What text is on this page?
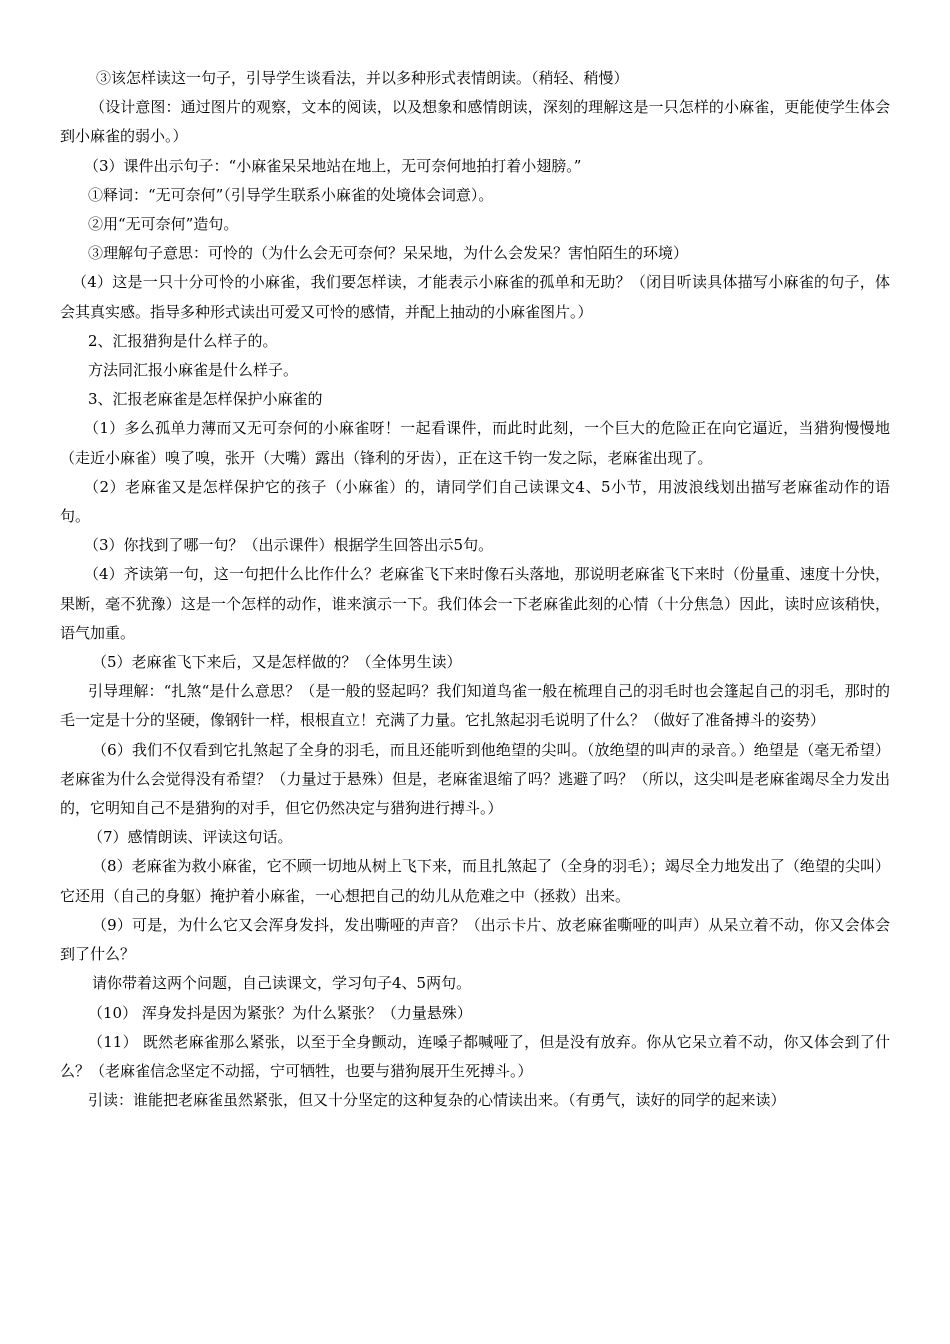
③该怎样读这一句子，引导学生谈看法，并以多种形式表情朗读。（稍轻、稍慢）

（设计意图：通过图片的观察，文本的阅读，以及想象和感情朗读，深刻的理解这是一只怎样的小麻雀，更能使学生体会到小麻雀的弱小。）

（3）课件出示句子：“小麻雀呆呆地站在地上，无可奈何地拍打着小翅膀。”

①释词：“无可奈何”（引导学生联系小麻雀的处境体会词意）。

②用“无可奈何”造句。

③理解句子意思：可怜的（为什么会无可奈何？呆呆地，为什么会发呆？害怕陌生的环境）

（4）这是一只十分可怜的小麻雀，我们要怎样读，才能表示小麻雀的孤单和无助？（闭目听读具体描写小麻雀的句子，体会其真实感。指导多种形式读出可爱又可怜的感情，并配上抽动的小麻雀图片。）

2、汇报猎狗是什么样子的。

方法同汇报小麻雀是什么样子。

3、汇报老麻雀是怎样保护小麻雀的

（1）多么孤单力薄而又无可奈何的小麻雀呀！一起看课件，而此时此刻，一个巨大的危险正在向它逼近，当猎狗慢慢地（走近小麻雀）嗅了嗅，张开（大嘴）露出（锋利的牙齿），正在这千钧一发之际，老麻雀出现了。

（2）老麻雀又是怎样保护它的孩子（小麻雀）的，请同学们自己读课文4、5小节，用波浪线划出描写老麻雀动作的语句。

（3）你找到了哪一句？（出示课件）根据学生回答出示5句。

（4）齐读第一句，这一句把什么比作什么？老麻雀飞下来时像石头落地，那说明老麻雀飞下来时（份量重、速度十分快，果断，毫不犹豫）这是一个怎样的动作，谁来演示一下。我们体会一下老麻雀此刻的心情（十分焦急）因此，读时应该稍快，语气加重。

（5）老麻雀飞下来后，又是怎样做的？（全体男生读）

引导理解：“扎煞“是什么意思？（是一般的竖起吗？我们知道鸟雀一般在梳理自己的羽毛时也会篷起自己的羽毛，那时的毛一定是十分的坚硬，像钢针一样，根根直立！充满了力量。它扎煞起羽毛说明了什么？（做好了准备搏斗的姿势）

（6）我们不仅看到它扎煞起了全身的羽毛，而且还能听到他绝望的尖叫。（放绝望的叫声的录音。）绝望是（毫无希望）老麻雀为什么会觉得没有希望？（力量过于悬殊）但是，老麻雀退缩了吗？逃避了吗？（所以，这尖叫是老麻雀竭尽全力发出的，它明知自己不是猎狗的对手，但它仍然决定与猎狗进行搏斗。）

（7）感情朗读、评读这句话。

（8）老麻雀为救小麻雀，它不顾一切地从树上飞下来，而且扎煞起了（全身的羽毛）；竭尽全力地发出了（绝望的尖叫）它还用（自己的身躯）掩护着小麻雀，一心想把自己的幼儿从危难之中（拯救）出来。

（9）可是，为什么它又会浑身发抖，发出嘶哑的声音？（出示卡片、放老麻雀嘶哑的叫声）从呆立着不动，你又会体会到了什么？

请你带着这两个问题，自己读课文，学习句子4、5两句。

（10） 浑身发抖是因为紧张？为什么紧张？（力量悬殊）

（11） 既然老麻雀那么紧张，以至于全身颤动，连嗓子都喊哑了，但是没有放弃。你从它呆立着不动，你又体会到了什么？（老麻雀信念坚定不动摇，宁可牺牲，也要与猎狗展开生死搏斗。）

引读：谁能把老麻雀虽然紧张，但又十分坚定的这种复杂的心情读出来。（有勇气，读好的同学的起来读）
